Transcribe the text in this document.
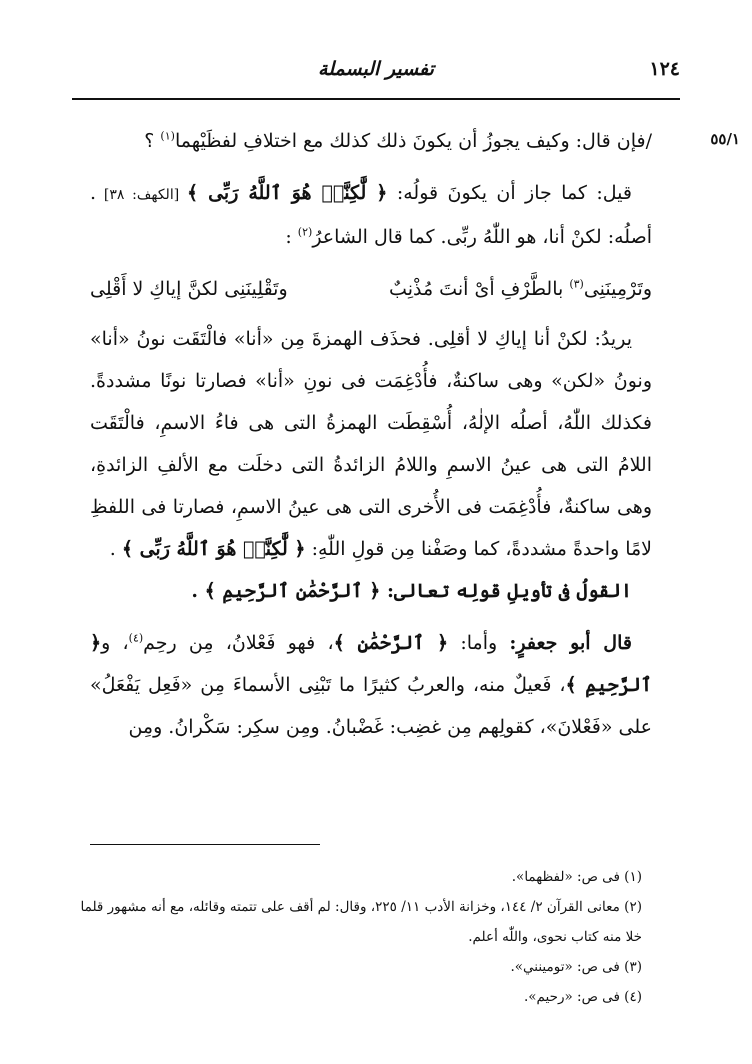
١٢٤
تفسير البسملة
٥٥/١

/فإن قال: وكيف يجوزُ أن يكونَ ذلك كذلك مع اختلافِ لفظَيْهما$^{(١)}$ ؟

قيل: كما جاز أن يكونَ قولُه: ﴿ لَّٰكِنَّا۠ هُوَ ٱللَّهُ رَبِّى ﴾ [الكهف: ٣٨] . أصلُه: لكنْ أنا، هو اللّٰهُ ربِّى. كما قال الشاعرُ$^{(٢)}$ :

وتَرْمِينَنِى$^{(٣)}$ بالطَّرْفِ أىْ أنتَ مُذْنِبٌ
وتَقْلِينَنِى لكنَّ إياكِ لا أَقْلِى

يريدُ: لكنْ أنا إياكِ لا أقلِى. فحذَف الهمزةَ مِن «أنا» فالْتَقَت نونُ «أنا» ونونُ «لكن» وهى ساكنةٌ، فأُدْغِمَت فى نونِ «أنا» فصارتا نونًا مشددةً. فكذلك اللّٰهُ، أصلُه الإلٰهُ، أُسْقِطَت الهمزةُ التى هى فاءُ الاسمِ، فالْتَقَت اللامُ التى هى عينُ الاسمِ واللامُ الزائدةُ التى دخلَت مع الألفِ الزائدةِ، وهى ساكنةٌ، فأُدْغِمَت فى الأُخرى التى هى عينُ الاسمِ، فصارتا فى اللفظِ لامًا واحدةً مشددةً، كما وصَفْنا مِن قولِ اللّٰهِ: ﴿ لَّٰكِنَّا۠ هُوَ ٱللَّهُ رَبِّى ﴾ .

القولُ فى تأويلِ قولِه تعالى: ﴿ ٱلرَّحْمَٰنِ ٱلرَّحِيمِ ﴾ .

قال أبو جعفرٍ: وأما: ﴿ ٱلرَّحْمَٰنِ ﴾، فهو فَعْلانُ، مِن رحِم$^{(٤)}$، و﴿ ٱلرَّحِيمِ ﴾، فَعيلٌ منه، والعربُ كثيرًا ما تَبْنِى الأسماءَ مِن «فَعِل يَفْعَلُ» على «فَعْلانَ»، كقولِهم مِن غضِب: غَضْبانُ. ومِن سكِر: سَكْرانُ. ومِن

(١) فى ص: «لفظهما».
(٢) معانى القرآن ٢/ ١٤٤، وخزانة الأدب ١١/ ٢٢٥، وقال: لم أقف على تتمته وقائله، مع أنه مشهور قلما خلا منه كتاب نحوى، واللّٰه أعلم.
(٣) فى ص: «تومينني».
(٤) فى ص: «رحيم».
